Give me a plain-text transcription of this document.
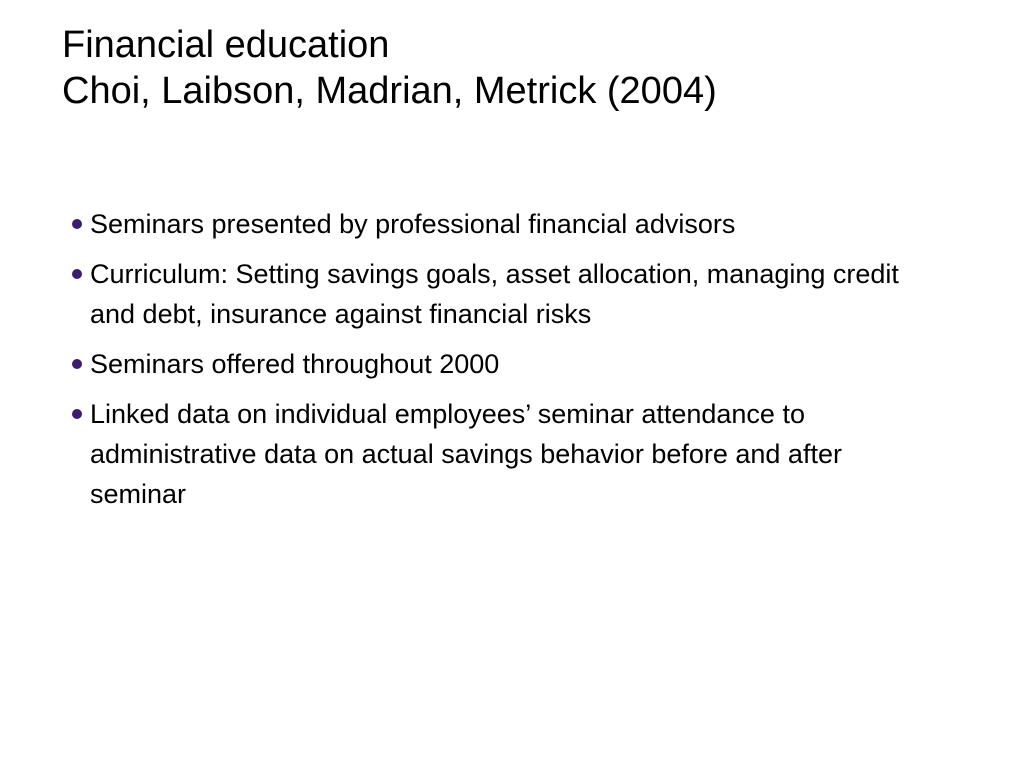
Financial education
Choi, Laibson, Madrian, Metrick (2004)
Seminars presented by professional financial advisors
Curriculum: Setting savings goals, asset allocation, managing credit and debt, insurance against financial risks
Seminars offered throughout 2000
Linked data on individual employees’ seminar attendance to administrative data on actual savings behavior before and after seminar
